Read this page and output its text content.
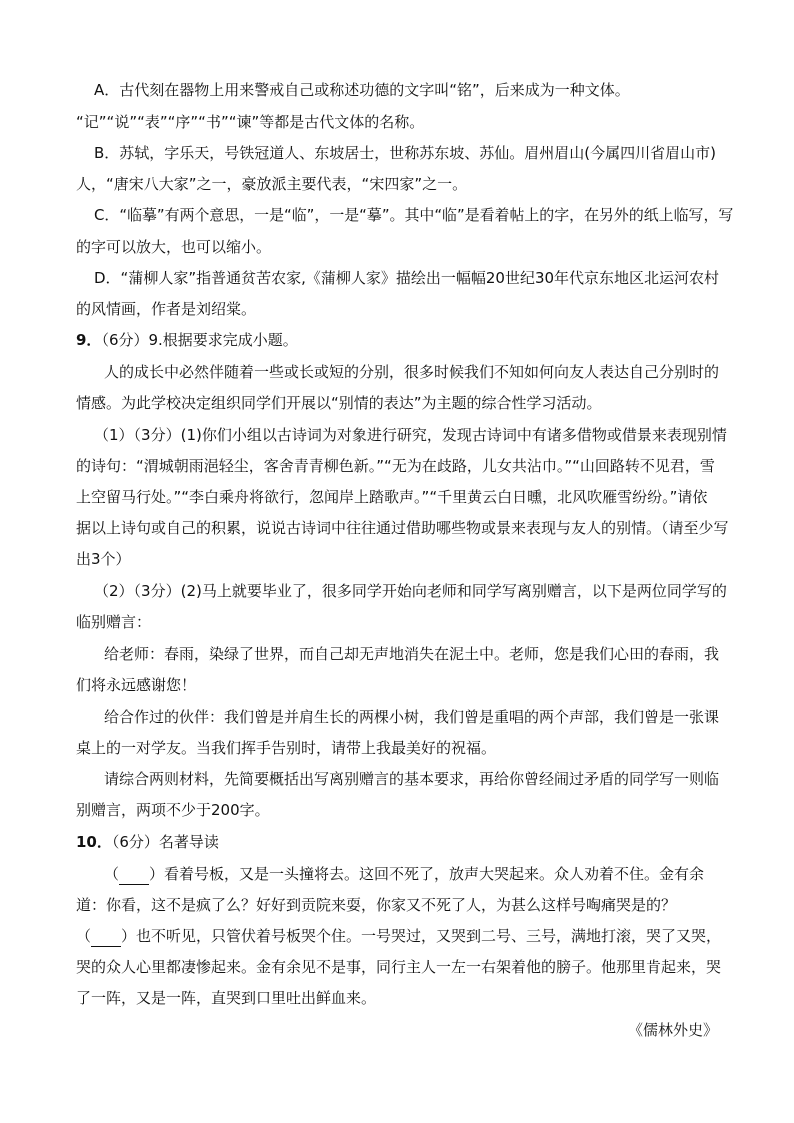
A．古代刻在器物上用来警戒自己或称述功德的文字叫“铭”，后来成为一种文体。
“记”“说”“表”“序”“书”“谏”等都是古代文体的名称。
B．苏轼，字乐天，号铁冠道人、东坡居士，世称苏东坡、苏仙。眉州眉山(今属四川省眉山市)
人，“唐宋八大家”之一，豪放派主要代表，“宋四家”之一。
C．“临摹”有两个意思，一是“临”，一是“摹”。其中“临”是看着帖上的字，在另外的纸上临写，写
的字可以放大，也可以缩小。
D．“蒲柳人家”指普通贫苦农家,《蒲柳人家》描绘出一幅幅20世纪30年代京东地区北运河农村
的风情画，作者是刘绍棠。
9．（6分）9.根据要求完成小题。
人的成长中必然伴随着一些或长或短的分别，很多时候我们不知如何向友人表达自己分别时的
情感。为此学校决定组织同学们开展以“别情的表达”为主题的综合性学习活动。
（1）（3分）(1)你们小组以古诗词为对象进行研究，发现古诗词中有诸多借物或借景来表现别情
的诗句：“渭城朝雨浥轻尘，客舍青青柳色新。”“无为在歧路，儿女共沾巾。”“山回路转不见君，雪
上空留马行处。”“李白乘舟将欲行，忽闻岸上踏歌声。”“千里黄云白日曛，北风吹雁雪纷纷。”请依
据以上诗句或自己的积累，说说古诗词中往往通过借助哪些物或景来表现与友人的别情。（请至少写
出3个）
（2）（3分）(2)马上就要毕业了，很多同学开始向老师和同学写离别赠言，以下是两位同学写的
临别赠言：
给老师：春雨，染绿了世界，而自己却无声地消失在泥土中。老师，您是我们心田的春雨，我
们将永远感谢您！
给合作过的伙伴：我们曾是并肩生长的两棵小树，我们曾是重唱的两个声部，我们曾是一张课
桌上的一对学友。当我们挥手告别时，请带上我最美好的祝福。
请综合两则材料，先简要概括出写离别赠言的基本要求，再给你曾经闹过矛盾的同学写一则临
别赠言，两项不少于200字。
10．（6分）名著导读
（ ）看着号板，又是一头撞将去。这回不死了，放声大哭起来。众人劝着不住。金有余
道：你看，这不是疯了么？好好到贡院来耍，你家又不死了人，为甚么这样号啕痛哭是的？
（ ）也不听见，只管伏着号板哭个住。一号哭过，又哭到二号、三号，满地打滚，哭了又哭，
哭的众人心里都凄惨起来。金有余见不是事，同行主人一左一右架着他的膀子。他那里肯起来，哭
了一阵，又是一阵，直哭到口里吐出鲜血来。
《儒林外史》
